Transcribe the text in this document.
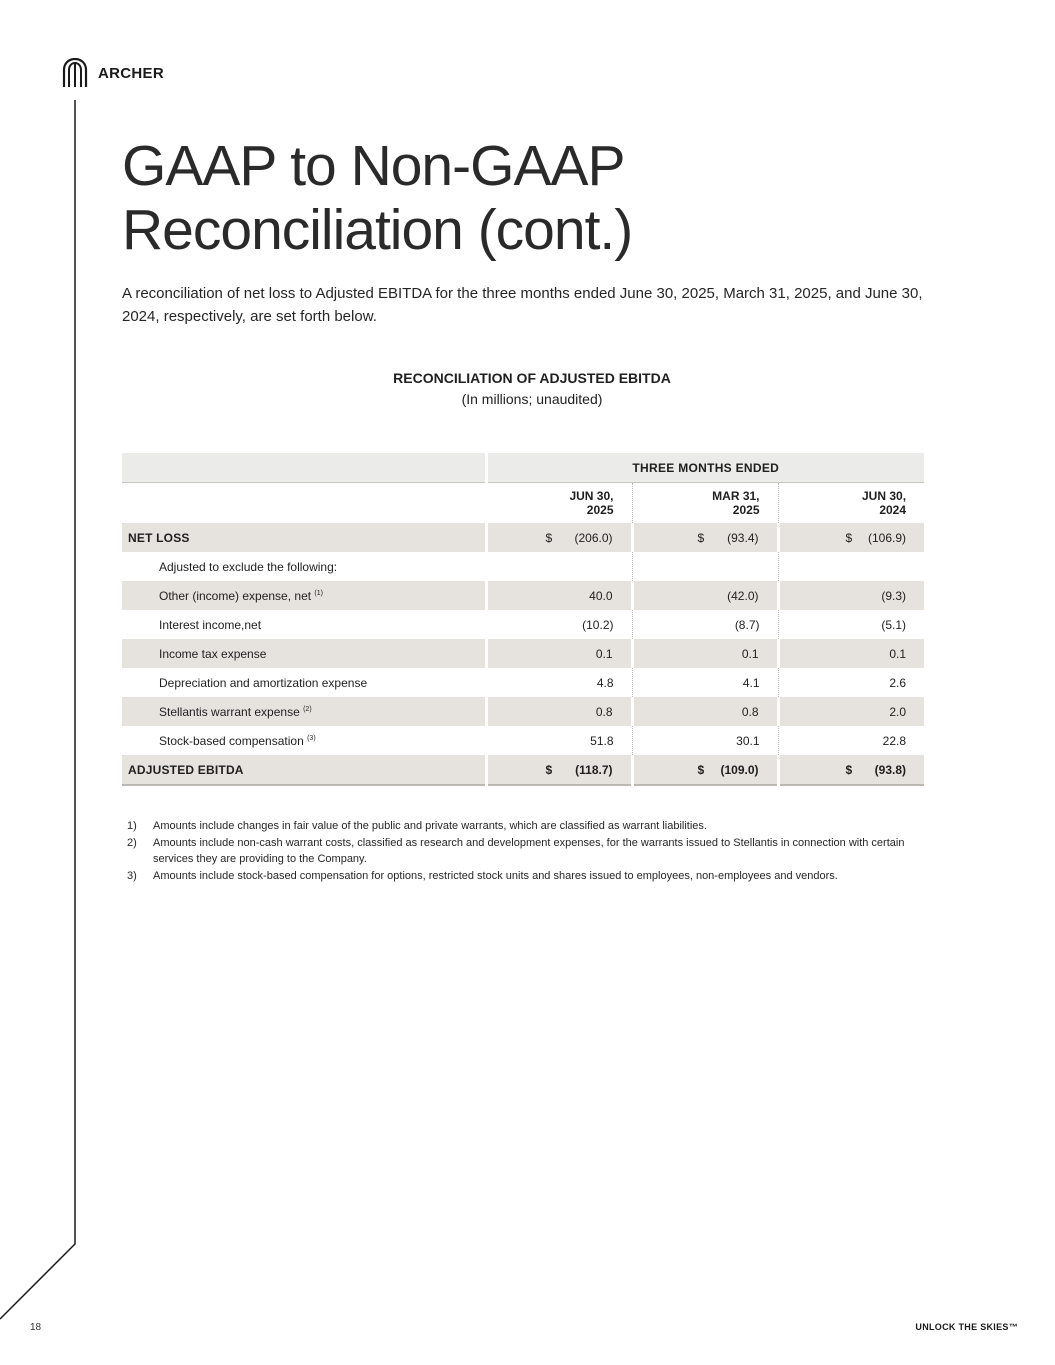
ARCHER
GAAP to Non-GAAP
Reconciliation (cont.)

A reconciliation of net loss to Adjusted EBITDA for the three months ended June 30, 2025, March 31, 2025, and June 30, 2024, respectively, are set forth below.

RECONCILIATION OF ADJUSTED EBITDA
(In millions; unaudited)
	THREE MONTHS ENDED		
	JUN 30,
2025	MAR 31,
2025	JUN 30,
2024
NET LOSS	$ (206.0)	$ (93.4)	$ (106.9)
Adjusted to exclude the following:			
Other (income) expense, net $^{(1)}$	40.0	(42.0)	(9.3)
Interest income,net	(10.2)	(8.7)	(5.1)
Income tax expense	0.1	0.1	0.1
Depreciation and amortization expense	4.8	4.1	2.6
Stellantis warrant expense $^{(2)}$	0.8	0.8	2.0
Stock-based compensation $^{(3)}$	51.8	30.1	22.8
ADJUSTED EBITDA	$ (118.7)	$ (109.0)	$ (93.8)
1)	Amounts include changes in fair value of the public and private warrants, which are classified as warrant liabilities.
2)	Amounts include non-cash warrant costs, classified as research and development expenses, for the warrants issued to Stellantis in connection with certain services they are providing to the Company.
3)	Amounts include stock-based compensation for options, restricted stock units and shares issued to employees, non-employees and vendors.
18	UNLOCK THE SKIES™
